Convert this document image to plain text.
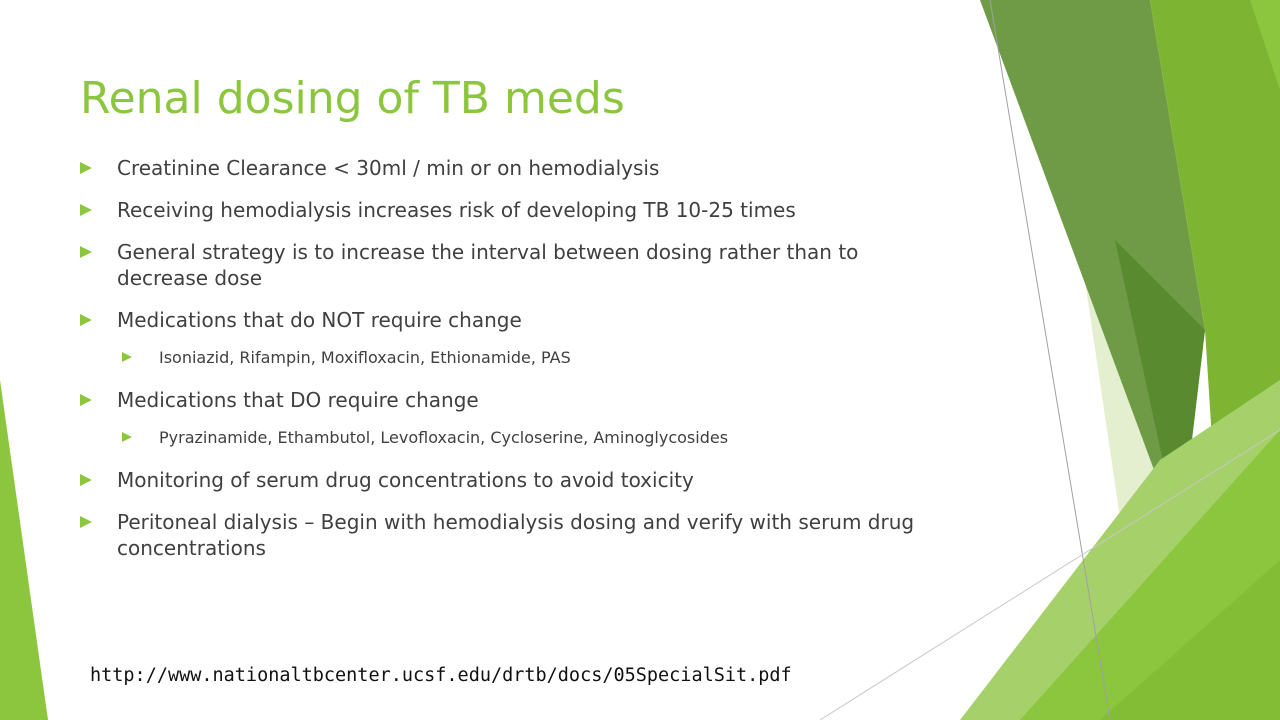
Renal dosing of TB meds
Creatinine Clearance < 30ml / min or on hemodialysis
Receiving hemodialysis increases risk of developing TB 10-25 times
General strategy is to increase the interval between dosing rather than to decrease dose
Medications that do NOT require change
Isoniazid, Rifampin, Moxifloxacin, Ethionamide, PAS
Medications that DO require change
Pyrazinamide, Ethambutol, Levofloxacin, Cycloserine, Aminoglycosides
Monitoring of serum drug concentrations to avoid toxicity
Peritoneal dialysis – Begin with hemodialysis dosing and verify with serum drug concentrations
http://www.nationaltbcenter.ucsf.edu/drtb/docs/05SpecialSit.pdf
